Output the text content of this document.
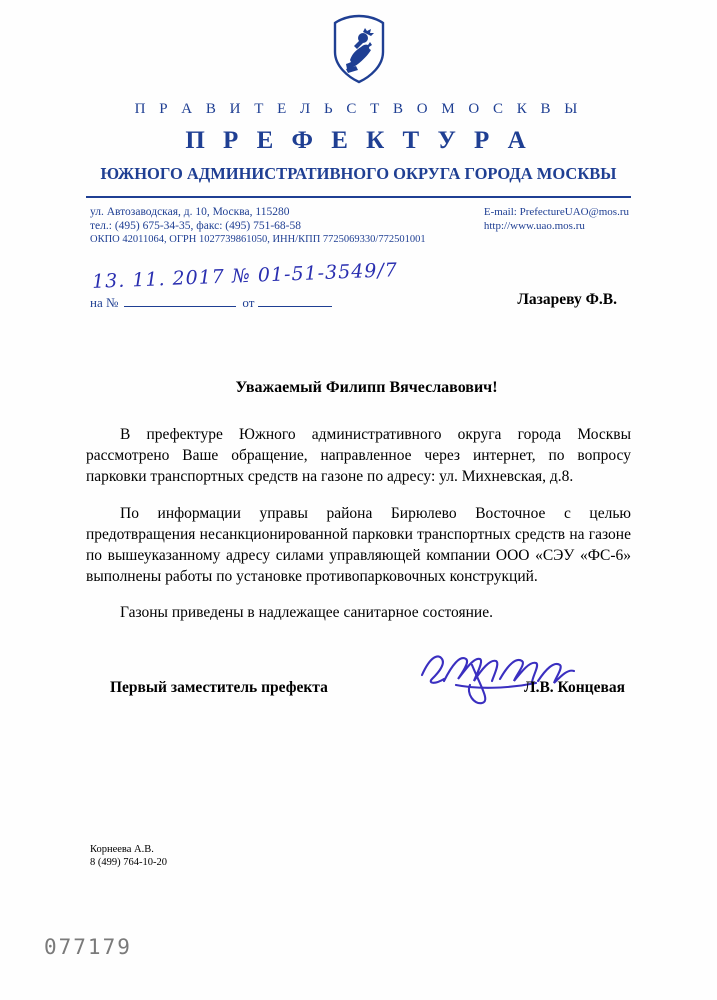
П Р А В И Т Е Л Ь С Т В О М О С К В Ы
П Р Е Ф Е К Т У Р А
ЮЖНОГО АДМИНИСТРАТИВНОГО ОКРУГА ГОРОДА МОСКВЫ
ул. Автозаводская, д. 10, Москва, 115280
тел.: (495) 675-34-35, факс: (495) 751-68-58
ОКПО 42011064, ОГРН 1027739861050, ИНН/КПП 7725069330/772501001
E-mail: PrefectureUAO@mos.ru
http://www.uao.mos.ru
13. 11. 2017 № 01-51-3549/7
на №	от	Лазареву Ф.В.
Уважаемый Филипп Вячеславович!

В префектуре Южного административного округа города Москвы рассмотрено Ваше обращение, направленное через интернет, по вопросу парковки транспортных средств на газоне по адресу: ул. Михневская, д.8.

По информации управы района Бирюлево Восточное с целью предотвращения несанкционированной парковки транспортных средств на газоне по вышеуказанному адресу силами управляющей компании ООО «СЭУ «ФС-6» выполнены работы по установке противопарковочных конструкций.

Газоны приведены в надлежащее санитарное состояние.

Первый заместитель префекта	Л.В. Концевая
Корнеева А.В.
8 (499) 764-10-20
077179
